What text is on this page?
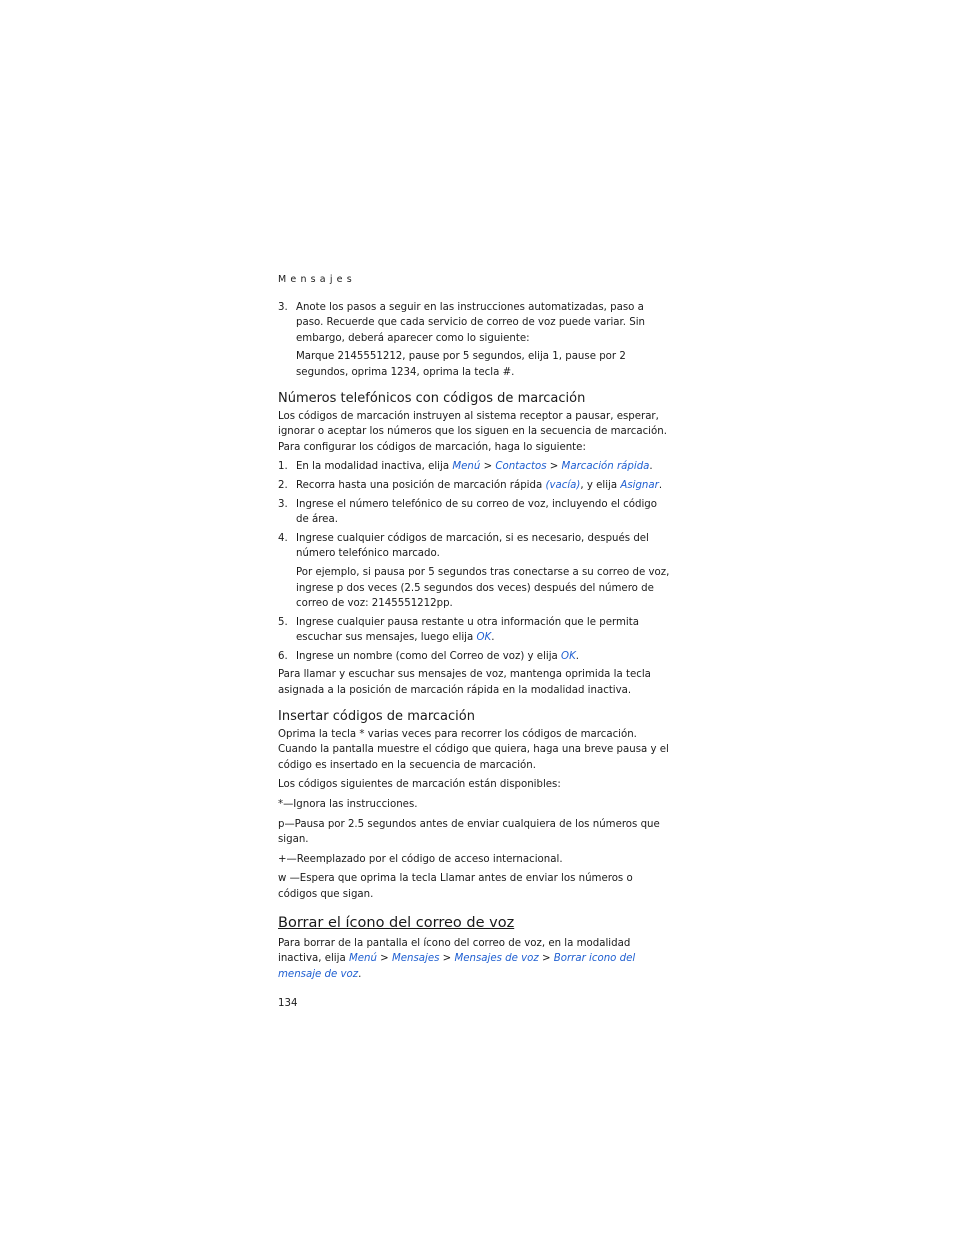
Mensajes
3. Anote los pasos a seguir en las instrucciones automatizadas, paso a paso. Recuerde que cada servicio de correo de voz puede variar. Sin embargo, deberá aparecer como lo siguiente:
Marque 2145551212, pause por 5 segundos, elija 1, pause por 2 segundos, oprima 1234, oprima la tecla #.
Números telefónicos con códigos de marcación

Los códigos de marcación instruyen al sistema receptor a pausar, esperar, ignorar o aceptar los números que los siguen en la secuencia de marcación. Para configurar los códigos de marcación, haga lo siguiente:

1. En la modalidad inactiva, elija Menú > Contactos > Marcación rápida.
2. Recorra hasta una posición de marcación rápida (vacía), y elija Asignar.
3. Ingrese el número telefónico de su correo de voz, incluyendo el código de área.
4. Ingrese cualquier códigos de marcación, si es necesario, después del número telefónico marcado.
Por ejemplo, si pausa por 5 segundos tras conectarse a su correo de voz, ingrese p dos veces (2.5 segundos dos veces) después del número de correo de voz: 2145551212pp.
5. Ingrese cualquier pausa restante u otra información que le permita escuchar sus mensajes, luego elija OK.
6. Ingrese un nombre (como del Correo de voz) y elija OK.

Para llamar y escuchar sus mensajes de voz, mantenga oprimida la tecla asignada a la posición de marcación rápida en la modalidad inactiva.

Insertar códigos de marcación

Oprima la tecla * varias veces para recorrer los códigos de marcación. Cuando la pantalla muestre el código que quiera, haga una breve pausa y el código es insertado en la secuencia de marcación.

Los códigos siguientes de marcación están disponibles:

*—Ignora las instrucciones.

p—Pausa por 2.5 segundos antes de enviar cualquiera de los números que sigan.

+—Reemplazado por el código de acceso internacional.

w —Espera que oprima la tecla Llamar antes de enviar los números o códigos que sigan.

Borrar el ícono del correo de voz

Para borrar de la pantalla el ícono del correo de voz, en la modalidad inactiva, elija Menú > Mensajes > Mensajes de voz > Borrar icono del mensaje de voz.

134
